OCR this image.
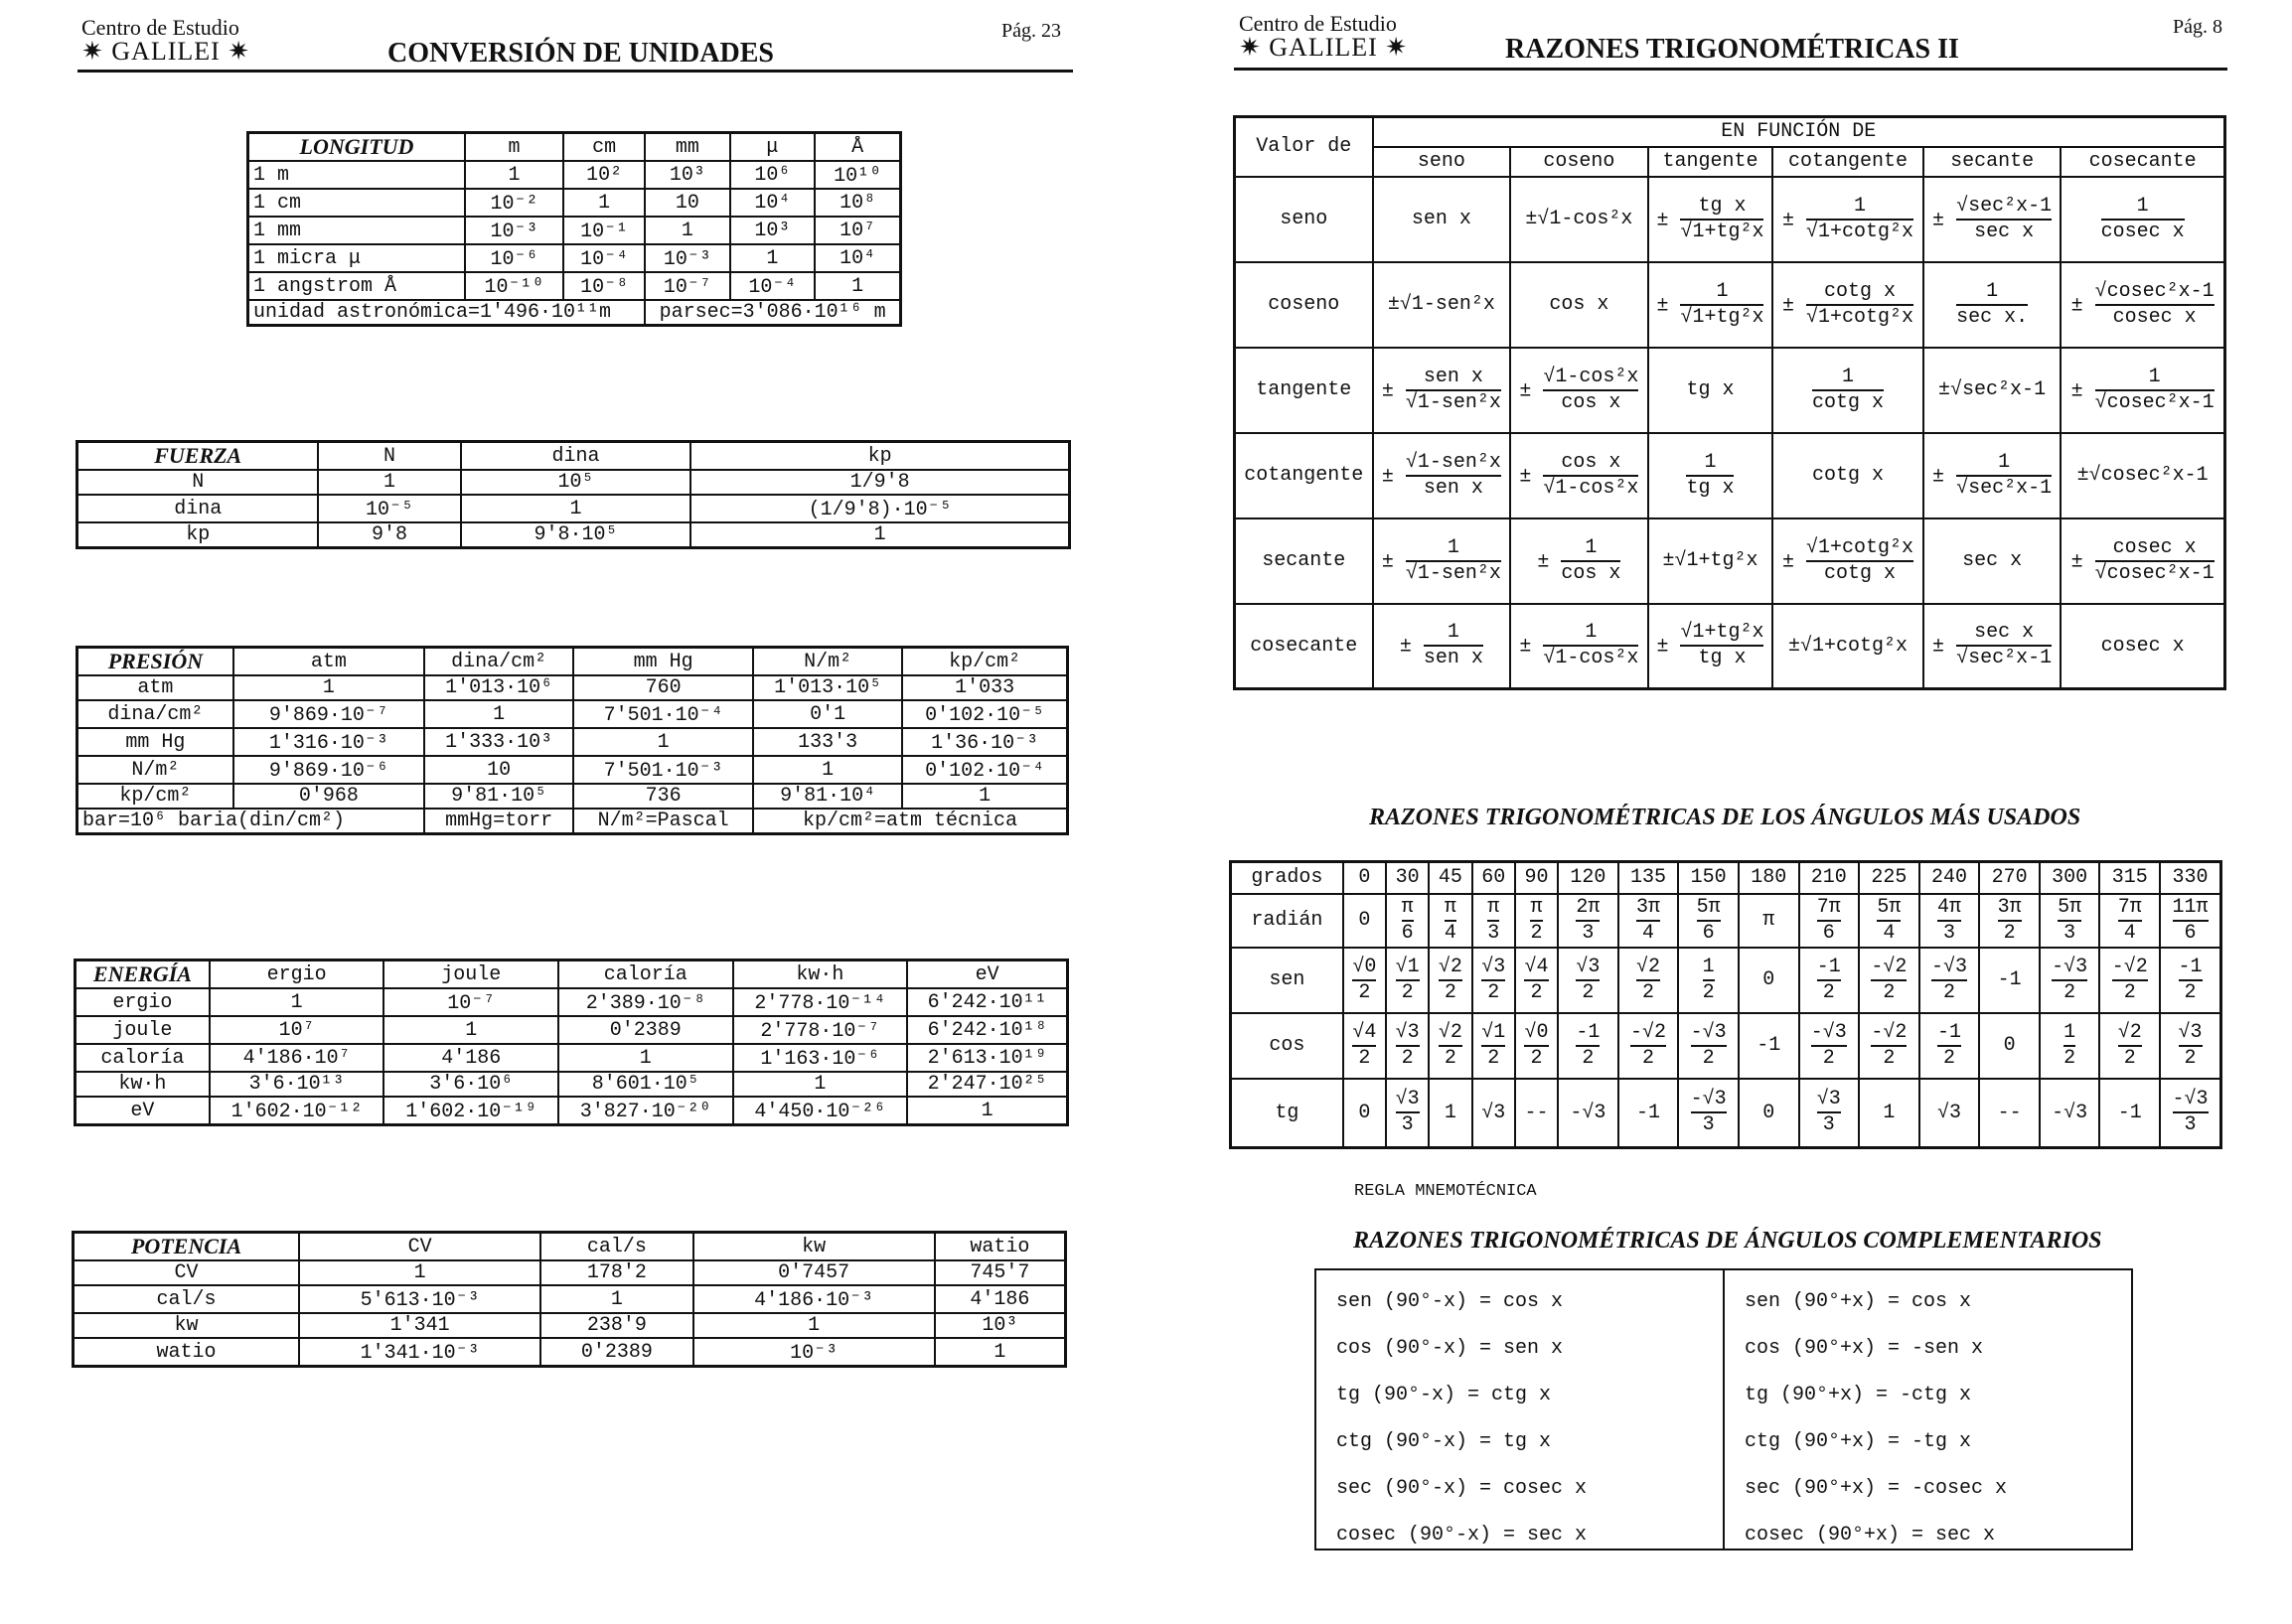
Centro de Estudio
✷ GALILEI ✷	CONVERSIÓN DE UNIDADES
Pág. 23
LONGITUD	m	cm	mm	μ	Å
1 m	1	10²	10³	10⁶	10¹⁰
1 cm	10⁻²	1	10	10⁴	10⁸
1 mm	10⁻³	10⁻¹	1	10³	10⁷
1 micra μ	10⁻⁶	10⁻⁴	10⁻³	1	10⁴
1 angstrom Å	10⁻¹⁰	10⁻⁸	10⁻⁷	10⁻⁴	1
unidad astronómica=1'496·10¹¹m			parsec=3'086·10¹⁶ m		
FUERZA	N	dina	kp
N	1	10⁵	1/9'8
dina	10⁻⁵	1	(1/9'8)·10⁻⁵
kp	9'8	9'8·10⁵	1
PRESIÓN	atm	dina/cm²	mm Hg	N/m²	kp/cm²
atm	1	1'013·10⁶	760	1'013·10⁵	1'033
dina/cm²	9'869·10⁻⁷	1	7'501·10⁻⁴	0'1	0'102·10⁻⁵
mm Hg	1'316·10⁻³	1'333·10³	1	133'3	1'36·10⁻³
N/m²	9'869·10⁻⁶	10	7'501·10⁻³	1	0'102·10⁻⁴
kp/cm²	0'968	9'81·10⁵	736	9'81·10⁴	1
bar=10⁶ baria(din/cm²)		mmHg=torr	N/m²=Pascal	kp/cm²=atm técnica	
ENERGÍA	ergio	joule	caloría	kw·h	eV
ergio	1	10⁻⁷	2'389·10⁻⁸	2'778·10⁻¹⁴	6'242·10¹¹
joule	10⁷	1	0'2389	2'778·10⁻⁷	6'242·10¹⁸
caloría	4'186·10⁷	4'186	1	1'163·10⁻⁶	2'613·10¹⁹
kw·h	3'6·10¹³	3'6·10⁶	8'601·10⁵	1	2'247·10²⁵
eV	1'602·10⁻¹²	1'602·10⁻¹⁹	3'827·10⁻²⁰	4'450·10⁻²⁶	1
POTENCIA	CV	cal/s	kw	watio
CV	1	178'2	0'7457	745'7
cal/s	5'613·10⁻³	1	4'186·10⁻³	4'186
kw	1'341	238'9	1	10³
watio	1'341·10⁻³	0'2389	10⁻³	1
Centro de Estudio
✷ GALILEI ✷	RAZONES TRIGONOMÉTRICAS II
Pág. 8
Valor de	EN FUNCIÓN DE					
	seno	coseno	tangente	cotangente	secante	cosecante
seno	sen x	±√1-cos²x	± $\frac{\text{tg x}}{\text{√1+tg²x}}$	± $\frac{1}{\text{√1+cotg²x}}$	± $\frac{\text{√sec²x-1}}{\text{sec x}}$	$\frac{1}{\text{cosec x}}$

coseno	±√1-sen²x	cos x	± $\frac{1}{\text{√1+tg²x}}$	± $\frac{\text{cotg x}}{\text{√1+cotg²x}}$	$\frac{1}{\text{sec x.}}$	± $\frac{\text{√cosec²x-1}}{\text{cosec x}}$

tangente	± $\frac{\text{sen x}}{\text{√1-sen²x}}$	± $\frac{\text{√1-cos²x}}{\text{cos x}}$	tg x	$\frac{1}{\text{cotg x}}$	±√sec²x-1	± $\frac{1}{\text{√cosec²x-1}}$

cotangente	± $\frac{\text{√1-sen²x}}{\text{sen x}}$	± $\frac{\text{cos x}}{\text{√1-cos²x}}$	$\frac{1}{\text{tg x}}$	cotg x	± $\frac{1}{\text{√sec²x-1}}$	±√cosec²x-1
secante	± $\frac{1}{\text{√1-sen²x}}$	± $\frac{1}{\text{cos x}}$	±√1+tg²x	± $\frac{\text{√1+cotg²x}}{\text{cotg x}}$	sec x	± $\frac{\text{cosec x}}{\text{√cosec²x-1}}$

cosecante	± $\frac{1}{\text{sen x}}$	± $\frac{1}{\text{√1-cos²x}}$	± $\frac{\text{√1+tg²x}}{\text{tg x}}$	±√1+cotg²x	± $\frac{\text{sec x}}{\text{√sec²x-1}}$	cosec x
RAZONES TRIGONOMÉTRICAS DE LOS ÁNGULOS MÁS USADOS
grados	0	30	45	60	90	120	135	150	180	210	225	240	270	300	315	330
radián	0	$\frac{\pi}{6}$	$\frac{\pi}{4}$	$\frac{\pi}{3}$	$\frac{\pi}{2}$	$\frac{2\pi}{3}$	$\frac{3\pi}{4}$	$\frac{5\pi}{6}$	π	$\frac{7\pi}{6}$	$\frac{5\pi}{4}$	$\frac{4\pi}{3}$	$\frac{3\pi}{2}$	$\frac{5\pi}{3}$	$\frac{7\pi}{4}$	$\frac{11\pi}{6}$

sen	$\frac{√0}{2}$	$\frac{√1}{2}$	$\frac{√2}{2}$	$\frac{√3}{2}$	$\frac{√4}{2}$	$\frac{√3}{2}$	$\frac{√2}{2}$	$\frac{1}{2}$	0	$\frac{-1}{2}$	$\frac{-√2}{2}$	$\frac{-√3}{2}$	-1	$\frac{-√3}{2}$	$\frac{-√2}{2}$	$\frac{-1}{2}$

cos	$\frac{√4}{2}$	$\frac{√3}{2}$	$\frac{√2}{2}$	$\frac{√1}{2}$	$\frac{√0}{2}$	$\frac{-1}{2}$	$\frac{-√2}{2}$	$\frac{-√3}{2}$	-1	$\frac{-√3}{2}$	$\frac{-√2}{2}$	$\frac{-1}{2}$	0	$\frac{1}{2}$	$\frac{√2}{2}$	$\frac{√3}{2}$

tg	0	$\frac{√3}{3}$	1	√3	--	-√3	-1	$\frac{-√3}{3}$	0	$\frac{√3}{3}$	1	√3	--	-√3	-1	$\frac{-√3}{3}$
REGLA MNEMOTÉCNICA
RAZONES TRIGONOMÉTRICAS DE ÁNGULOS COMPLEMENTARIOS
sen (90°-x) = cos x
cos (90°-x) = sen x
tg (90°-x) = ctg x
ctg (90°-x) = tg x
sec (90°-x) = cosec x
cosec (90°-x) = sec x
sen (90°+x) = cos x
cos (90°+x) = -sen x
tg (90°+x) = -ctg x
ctg (90°+x) = -tg x
sec (90°+x) = -cosec x
cosec (90°+x) = sec x
